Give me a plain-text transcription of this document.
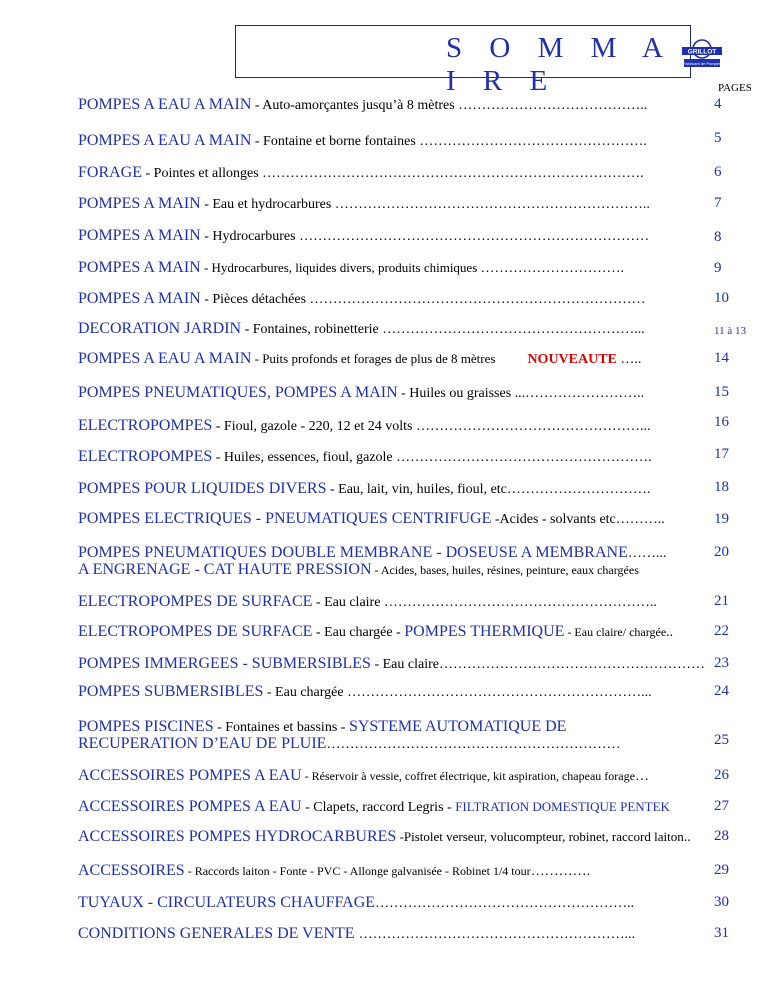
S O M M A I R E
GRILLOT
Fabricant de Pompes
PAGES
POMPES A EAU A MAIN - Auto-amorçantes jusqu’à 8 mètres …………………………………..	4
POMPES A EAU A MAIN - Fontaine et borne fontaines ………………………………………….	5
FORAGE - Pointes et allonges ……………………………………………………………………….	6
POMPES A MAIN - Eau et hydrocarbures …………………………………………………………..	7
POMPES A MAIN - Hydrocarbures …………………………………………………………………	8
POMPES A MAIN - Hydrocarbures, liquides divers, produits chimiques ………………………….	9
POMPES A MAIN - Pièces détachées ………………………………………………………………	10
DECORATION JARDIN - Fontaines, robinetterie ………………………………………………...	11 à 13
POMPES A EAU A MAIN - Puits profonds et forages de plus de 8 mètres NOUVEAUTE …..	14
POMPES PNEUMATIQUES, POMPES A MAIN - Huiles ou graisses ...……………………..	15
ELECTROPOMPES - Fioul, gazole - 220, 12 et 24 volts …………………………………………...	16
ELECTROPOMPES - Huiles, essences, fioul, gazole ……………………………………………….	17
POMPES POUR LIQUIDES DIVERS - Eau, lait, vin, huiles, fioul, etc………………………….	18
POMPES ELECTRIQUES - PNEUMATIQUES CENTRIFUGE -Acides - solvants etc………..	19
POMPES PNEUMATIQUES DOUBLE MEMBRANE - DOSEUSE A MEMBRANE……...
A ENGRENAGE - CAT HAUTE PRESSION - Acides, bases, huiles, résines, peinture, eaux chargées
20
ELECTROPOMPES DE SURFACE - Eau claire …………………………………………………..	21
ELECTROPOMPES DE SURFACE - Eau chargée - POMPES THERMIQUE - Eau claire/ chargée..	22
POMPES IMMERGEES - SUBMERSIBLES - Eau claire………………………………………………… 23
POMPES SUBMERSIBLES - Eau chargée ………………………………………………………...	24
POMPES PISCINES - Fontaines et bassins - SYSTEME AUTOMATIQUE DE
RECUPERATION D’EAU DE PLUIE………………………………………………………	25
ACCESSOIRES POMPES A EAU - Réservoir à vessie, coffret électrique, kit aspiration, chapeau forage…	26
ACCESSOIRES POMPES A EAU - Clapets, raccord Legris - FILTRATION DOMESTIQUE PENTEK	27
ACCESSOIRES POMPES HYDROCARBURES -Pistolet verseur, volucompteur, robinet, raccord laiton..	28
ACCESSOIRES - Raccords laiton - Fonte - PVC - Allonge galvanisée - Robinet 1/4 tour………….	29
TUYAUX - CIRCULATEURS CHAUFFAGE………………………………………………..	30
CONDITIONS GENERALES DE VENTE …………………………………………………...	31
